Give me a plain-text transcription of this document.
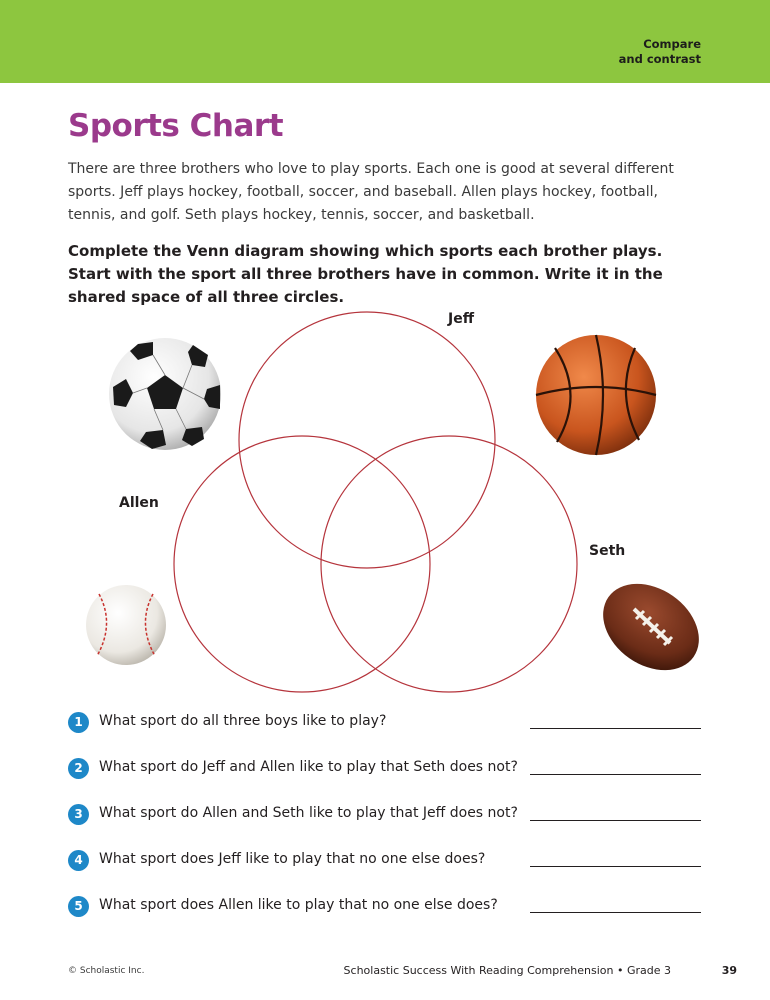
Compare
and contrast
Sports Chart

There are three brothers who love to play sports. Each one is good at several different sports. Jeff plays hockey, football, soccer, and baseball. Allen plays hockey, football, tennis, and golf. Seth plays hockey, tennis, soccer, and basketball.

Complete the Venn diagram showing which sports each brother plays. Start with the sport all three brothers have in common. Write it in the shared space of all three circles.

Jeff
Allen
Seth
1	What sport do all three boys like to play?
2	What sport do Jeff and Allen like to play that Seth does not?
3	What sport do Allen and Seth like to play that Jeff does not?
4	What sport does Jeff like to play that no one else does?
5	What sport does Allen like to play that no one else does?
© Scholastic Inc.	Scholastic Success With Reading Comprehension • Grade 3	39
